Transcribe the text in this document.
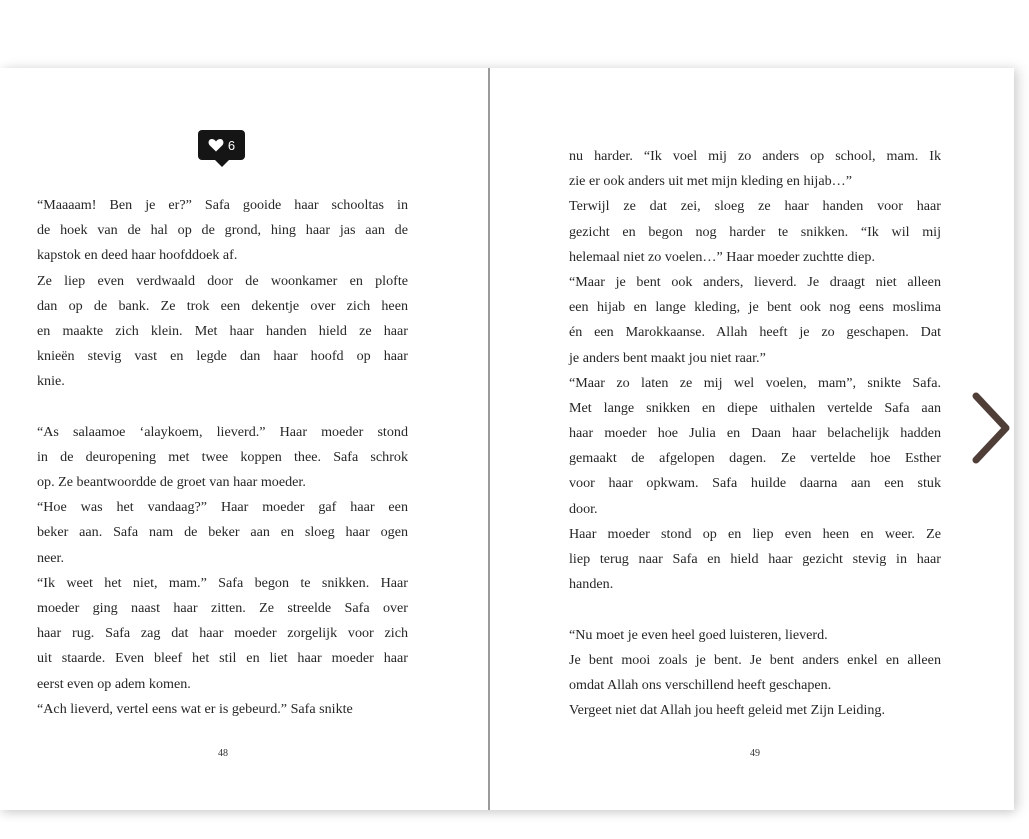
6
“Maaaam! Ben je er?” Safa gooide haar schooltas in
de hoek van de hal op de grond, hing haar jas aan de
kapstok en deed haar hoofddoek af.
Ze liep even verdwaald door de woonkamer en plofte
dan op de bank. Ze trok een dekentje over zich heen
en maakte zich klein. Met haar handen hield ze haar
knieën stevig vast en legde dan haar hoofd op haar
knie.
“As salaamoe ‘alaykoem, lieverd.” Haar moeder stond
in de deuropening met twee koppen thee. Safa schrok
op. Ze beantwoordde de groet van haar moeder.
“Hoe was het vandaag?” Haar moeder gaf haar een
beker aan. Safa nam de beker aan en sloeg haar ogen
neer.
“Ik weet het niet, mam.” Safa begon te snikken. Haar
moeder ging naast haar zitten. Ze streelde Safa over
haar rug. Safa zag dat haar moeder zorgelijk voor zich
uit staarde. Even bleef het stil en liet haar moeder haar
eerst even op adem komen.
“Ach lieverd, vertel eens wat er is gebeurd.” Safa snikte
48
nu harder. “Ik voel mij zo anders op school, mam. Ik
zie er ook anders uit met mijn kleding en hijab…”
Terwijl ze dat zei, sloeg ze haar handen voor haar
gezicht en begon nog harder te snikken. “Ik wil mij
helemaal niet zo voelen…” Haar moeder zuchtte diep.
“Maar je bent ook anders, lieverd. Je draagt niet alleen
een hijab en lange kleding, je bent ook nog eens moslima
én een Marokkaanse. Allah heeft je zo geschapen. Dat
je anders bent maakt jou niet raar.”
“Maar zo laten ze mij wel voelen, mam”, snikte Safa.
Met lange snikken en diepe uithalen vertelde Safa aan
haar moeder hoe Julia en Daan haar belachelijk hadden
gemaakt de afgelopen dagen. Ze vertelde hoe Esther
voor haar opkwam. Safa huilde daarna aan een stuk
door.
Haar moeder stond op en liep even heen en weer. Ze
liep terug naar Safa en hield haar gezicht stevig in haar
handen.
“Nu moet je even heel goed luisteren, lieverd.
Je bent mooi zoals je bent. Je bent anders enkel en alleen
omdat Allah ons verschillend heeft geschapen.
Vergeet niet dat Allah jou heeft geleid met Zijn Leiding.
49
